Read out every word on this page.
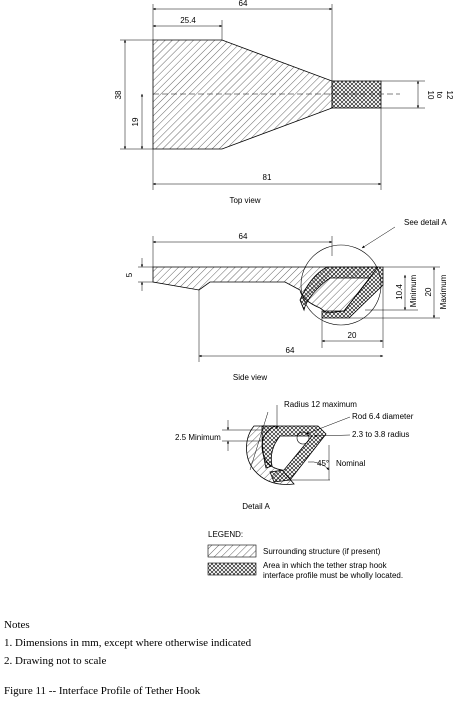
64
25.4
38
19
81
10 to 12
Top view
64
5
10.4 Minimum 20 Maximum
20
64
See detail A
Side view
Radius 12 maximum
Rod 6.4 diameter
2.3 to 3.8 radius
2.5 Minimum
45° Nominal
Detail A
LEGEND:
Surrounding structure (if present)
Area in which the tether strap hook
interface profile must be wholly located.
Notes
1. Dimensions in mm, except where otherwise indicated
2. Drawing not to scale
Figure 11 -- Interface Profile of Tether Hook
